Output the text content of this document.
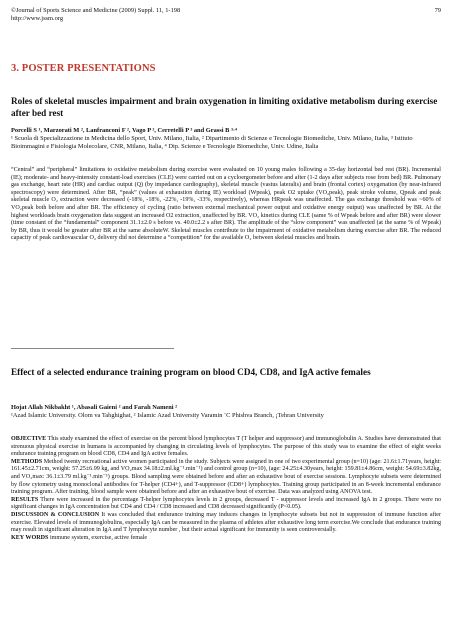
©Journal of Sports Science and Medicine (2009) Suppl. 11, 1-198
http://www.jssm.org
79
3. POSTER PRESENTATIONS
Roles of skeletal muscles impairment and brain oxygenation in limiting oxidative metabolism during exercise after bed rest
Porcelli S ¹, Marzorati M ², Lanfranconi F ², Vago P ², Cerretelli P ³ and Grassi B ³·⁴
¹ Scuola di Specializzazione in Medicina dello Sport, Univ. Milano, Italia, ² Dipartimento di Scienze e Tecnologie Biomediche, Univ. Milano, Italia, ³ Istituto Bioimmagini e Fisiologia Molecolare, CNR, Milano, Italia, ⁴ Dip. Scienze e Tecnologie Biomediche, Univ. Udine, Italia

“Central” and “peripheral” limitations to oxidative metabolism during exercise were evaluated on 10 young males following a 35-day horizontal bed rest (BR). Incremental (IE); moderate- and heavy-intensity constant-load exercises (CLE) were carried out on a cycloergometer before and after (1-2 days after subjects rose from bed) BR. Pulmonary gas exchange, heart rate (HR) and cardiac output (Q) (by impedance cardiography), skeletal muscle (vastus lateralis) and brain (frontal cortex) oxygenation (by near-infrared spectroscopy) were determined. After BR, “peak” (values at exhaustion during IE) workload (Wpeak), peak O2 uptake (VO₂peak), peak stroke volume, Qpeak and peak skeletal muscle O₂ extraction were decreased (-18%, -18%, -22%, -19%, -33%, respectively), whereas HRpeak was unaffected. The gas exchange threshold was ~60% of VO₂peak both before and after BR. The efficiency of cycling (ratio between external mechanical power output and oxidative energy output) was unaffected by BR. At the highest workloads brain oxygenation data suggest an increased O2 extraction, unaffected by BR. VO₂ kinetics during CLE (same % of Wpeak before and after BR) were slower (time constant of the “fundamental” component 31.1±2.0 s before vs. 40.0±2.2 s after BR). The amplitude of the “slow component” was unaffected (at the same % of Wpeak) by BR, thus it would be greater after BR at the same absoluteW. Skeletal muscles contribute to the impairment of oxidative metabolism during exercise after BR. The reduced capacity of peak cardiovascular O₂ delivery did not determine a “competition” for the available O₂ between skeletal muscles and brain.

Effect of a selected endurance training program on blood CD4, CD8, and IgA active females
Hojat Allah Nikbakht ¹, Abasali Gaieni ² and Farah Nameni ²
¹Azad Islamic University. Olom va Tahghighat, ² Islamic Azad University Varamin ¨C Phishva Branch, ¡Tehran University

OBJECTIVE This study examined the effect of exercise on the percent blood lymphocytes T (T helper and suppressor) and immunoglobulin A. Studies have demonstrated that strenuous physical exercise in humans is accompanied by changing in circulating levels of lymphocytes. The purpose of this study was to examine the effect of eight weeks endurance training program on blood CD8, CD4 and IgA active females.

METHODS Method twenty recreational active women participated in the study. Subjects were assigned in one of two experimental group (n=10) (age: 21.6±1.71years, height: 161.45±2.71cm, weight: 57.25±6.99 kg, and VO₂max 34.18±2.ml.kg⁻¹.min⁻¹) and control group (n=10), (age: 24.25±4.30years, height: 159.81±4.86cm, weight: 54.69±3.82kg, and VO₂max: 36.1±3.79 ml.kg⁻¹.min⁻¹) groups. Blood sampling were obtained before and after an exhaustive bout of exercise sessions. Lymphocyte subsets were determined by flow cytometry using monoclonal antibodies for T-helper (CD4+), and T-suppressor (CD8+) lymphocytes. Training group participated in an 8-week incremental endurance training program. After training, blood sample were obtained before and after an exhaustive bout of exercise. Data was analyzed using ANOVA test.

RESULTS There were increased in the percentage T-helper lymphocytes levels in 2 groups, decreased T - suppressor levels and increased IgA in 2 groups. There were no significant changes in IgA concentration but CD4 and CD4 / CD8 increased and CD8 decreased significantly (P<0.05).

DISCUSSION & CONCLUSION It was concluded that endurance training may induces changes in lymphocyte subsets but not in suppression of immune function after exercise. Elevated levels of immunoglobulins, especially IgA can be measured in the plasma of athletes after exhaustive long term exercise.We conclude that endurance training may result in significant alteration in IgA and T lymphocyte number , but their actual significant for immunity is seen controversially.

KEY WORDS immune system, exercise, active female
